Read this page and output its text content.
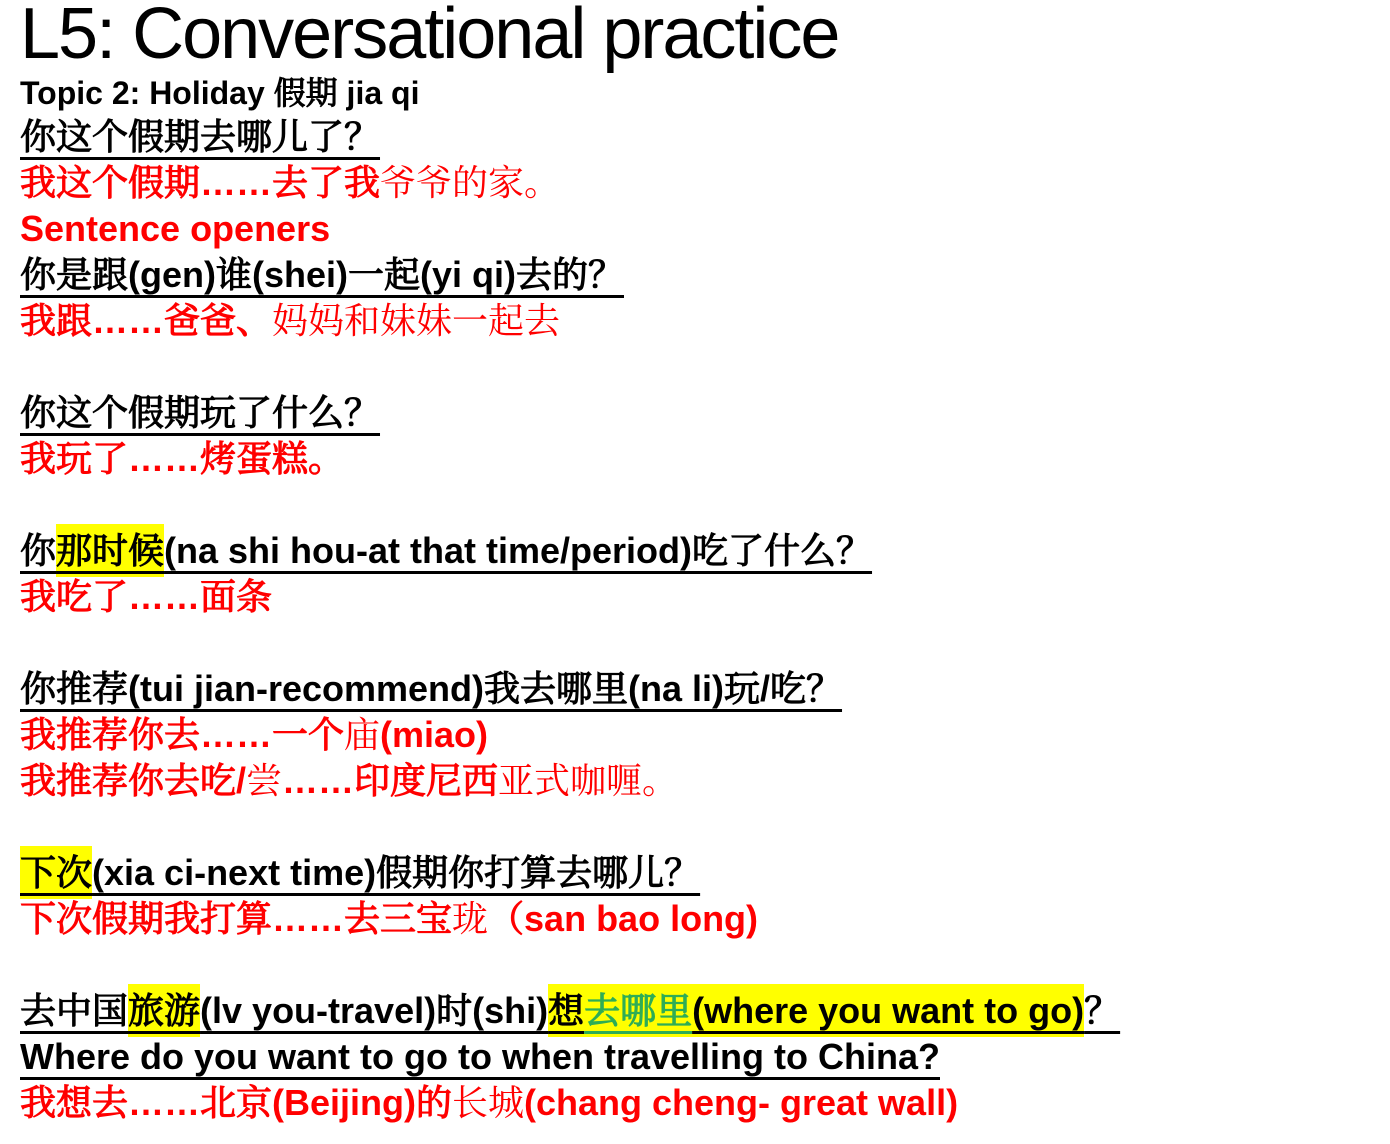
L5: Conversational practice
Topic 2: Holiday 假期 jia qi
你这个假期去哪儿了？
我这个假期……去了我爷爷的家。
Sentence openers
你是跟(gen)谁(shei)一起(yi qi)去的？
我跟……爸爸、妈妈和妹妹一起去
你这个假期玩了什么？
我玩了……烤蛋糕。
你那时候(na shi hou-at that time/period)吃了什么？
我吃了……面条
你推荐(tui jian-recommend)我去哪里(na li)玩/吃？
我推荐你去……一个庙(miao)
我推荐你去吃/尝……印度尼西亚式咖喱。
下次(xia ci-next time)假期你打算去哪儿？
下次假期我打算……去三宝珑（san bao long)
去中国旅游(lv you-travel)时(shi)想去哪里(where you want to go)？
Where do you want to go to when travelling to China?
我想去……北京(Beijing)的长城(chang cheng- great wall)
